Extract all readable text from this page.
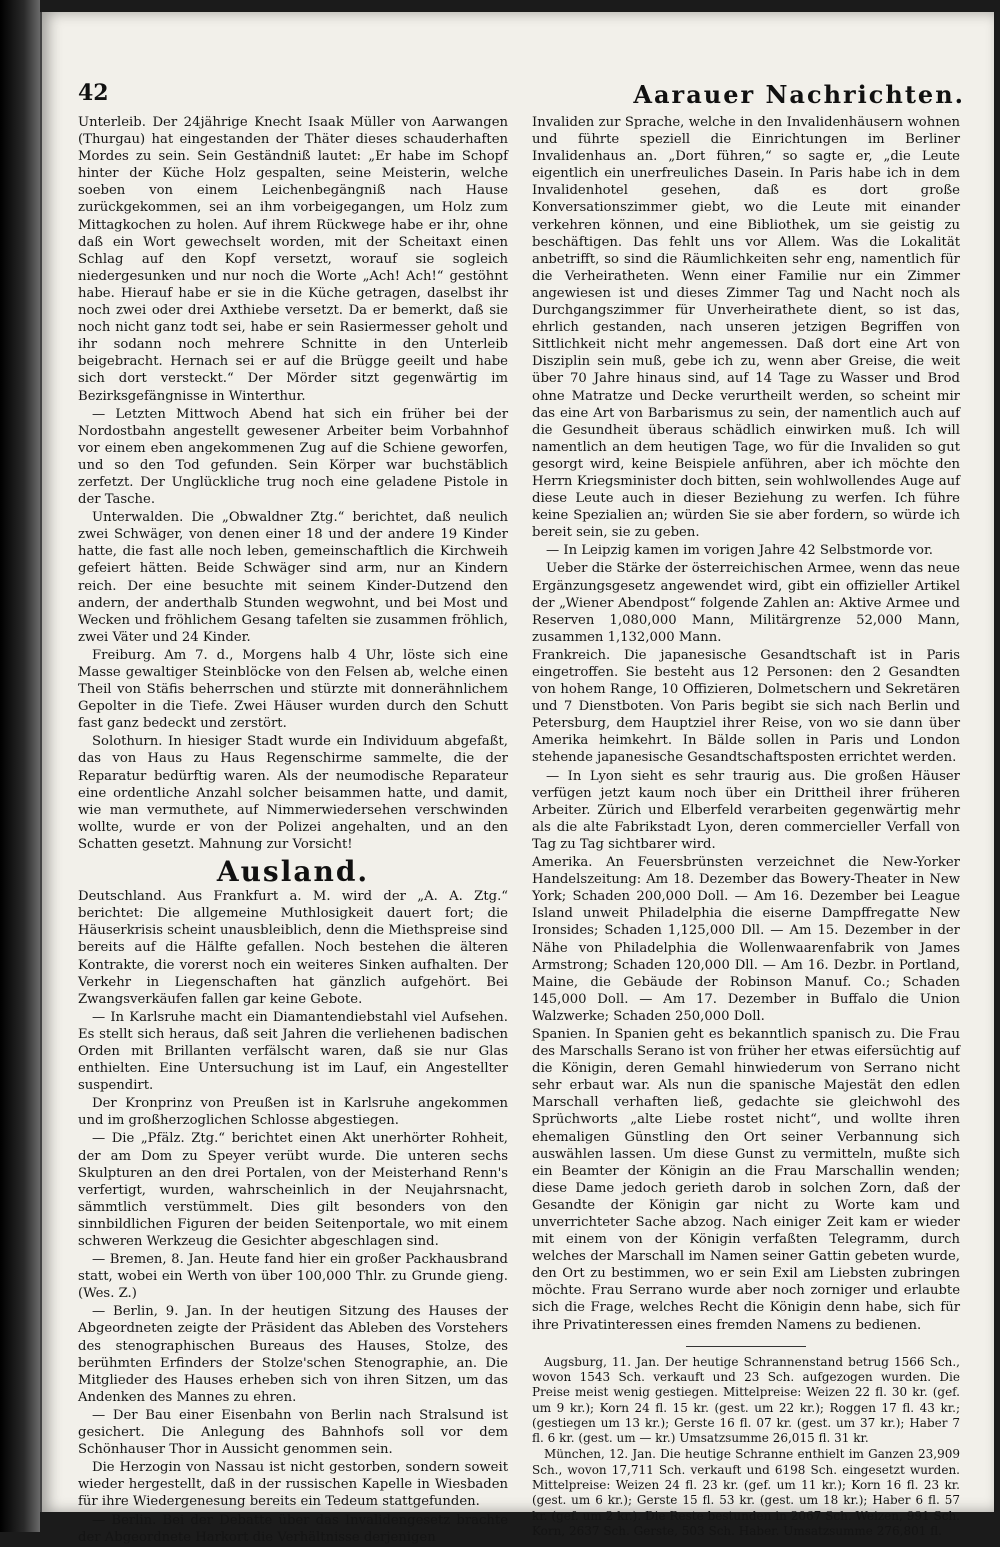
42	Aarauer Nachrichten.

Unterleib. Der 24jährige Knecht Isaak Müller von Aarwangen (Thurgau) hat eingestanden der Thäter dieses schauderhaften Mordes zu sein. Sein Geständniß lautet: „Er habe im Schopf hinter der Küche Holz gespalten, seine Meisterin, welche soeben von einem Leichenbegängniß nach Hause zurückgekommen, sei an ihm vorbeigegangen, um Holz zum Mittagkochen zu holen. Auf ihrem Rückwege habe er ihr, ohne daß ein Wort gewechselt worden, mit der Scheitaxt einen Schlag auf den Kopf versetzt, worauf sie sogleich niedergesunken und nur noch die Worte „Ach! Ach!“ gestöhnt habe. Hierauf habe er sie in die Küche getragen, daselbst ihr noch zwei oder drei Axthiebe versetzt. Da er bemerkt, daß sie noch nicht ganz todt sei, habe er sein Rasiermesser geholt und ihr sodann noch mehrere Schnitte in den Unterleib beigebracht. Hernach sei er auf die Brügge geeilt und habe sich dort versteckt.“ Der Mörder sitzt gegenwärtig im Bezirksgefängnisse in Winterthur.

— Letzten Mittwoch Abend hat sich ein früher bei der Nordostbahn angestellt gewesener Arbeiter beim Vorbahnhof vor einem eben angekommenen Zug auf die Schiene geworfen, und so den Tod gefunden. Sein Körper war buchstäblich zerfetzt. Der Unglückliche trug noch eine geladene Pistole in der Tasche.

Unterwalden. Die „Obwaldner Ztg.“ berichtet, daß neulich zwei Schwäger, von denen einer 18 und der andere 19 Kinder hatte, die fast alle noch leben, gemeinschaftlich die Kirchweih gefeiert hätten. Beide Schwäger sind arm, nur an Kindern reich. Der eine besuchte mit seinem Kinder-Dutzend den andern, der anderthalb Stunden wegwohnt, und bei Most und Wecken und fröhlichem Gesang tafelten sie zusammen fröhlich, zwei Väter und 24 Kinder.

Freiburg. Am 7. d., Morgens halb 4 Uhr, löste sich eine Masse gewaltiger Steinblöcke von den Felsen ab, welche einen Theil von Stäfis beherrschen und stürzte mit donnerähnlichem Gepolter in die Tiefe. Zwei Häuser wurden durch den Schutt fast ganz bedeckt und zerstört.

Solothurn. In hiesiger Stadt wurde ein Individuum abgefaßt, das von Haus zu Haus Regenschirme sammelte, die der Reparatur bedürftig waren. Als der neumodische Reparateur eine ordentliche Anzahl solcher beisammen hatte, und damit, wie man vermuthete, auf Nimmerwiedersehen verschwinden wollte, wurde er von der Polizei angehalten, und an den Schatten gesetzt. Mahnung zur Vorsicht!

Ausland.

Deutschland. Aus Frankfurt a. M. wird der „A. A. Ztg.“ berichtet: Die allgemeine Muthlosigkeit dauert fort; die Häuserkrisis scheint unausbleiblich, denn die Miethspreise sind bereits auf die Hälfte gefallen. Noch bestehen die älteren Kontrakte, die vorerst noch ein weiteres Sinken aufhalten. Der Verkehr in Liegenschaften hat gänzlich aufgehört. Bei Zwangsverkäufen fallen gar keine Gebote.

— In Karlsruhe macht ein Diamantendiebstahl viel Aufsehen. Es stellt sich heraus, daß seit Jahren die verliehenen badischen Orden mit Brillanten verfälscht waren, daß sie nur Glas enthielten. Eine Untersuchung ist im Lauf, ein Angestellter suspendirt.

Der Kronprinz von Preußen ist in Karlsruhe angekommen und im großherzoglichen Schlosse abgestiegen.

— Die „Pfälz. Ztg.“ berichtet einen Akt unerhörter Rohheit, der am Dom zu Speyer verübt wurde. Die unteren sechs Skulpturen an den drei Portalen, von der Meisterhand Renn's verfertigt, wurden, wahrscheinlich in der Neujahrsnacht, sämmtlich verstümmelt. Dies gilt besonders von den sinnbildlichen Figuren der beiden Seitenportale, wo mit einem schweren Werkzeug die Gesichter abgeschlagen sind.

— Bremen, 8. Jan. Heute fand hier ein großer Packhausbrand statt, wobei ein Werth von über 100,000 Thlr. zu Grunde gieng. (Wes. Z.)

— Berlin, 9. Jan. In der heutigen Sitzung des Hauses der Abgeordneten zeigte der Präsident das Ableben des Vorstehers des stenographischen Bureaus des Hauses, Stolze, des berühmten Erfinders der Stolze'schen Stenographie, an. Die Mitglieder des Hauses erheben sich von ihren Sitzen, um das Andenken des Mannes zu ehren.

— Der Bau einer Eisenbahn von Berlin nach Stralsund ist gesichert. Die Anlegung des Bahnhofs soll vor dem Schönhauser Thor in Aussicht genommen sein.

Die Herzogin von Nassau ist nicht gestorben, sondern soweit wieder hergestellt, daß in der russischen Kapelle in Wiesbaden für ihre Wiedergenesung bereits ein Tedeum stattgefunden.

— Berlin. Bei der Debatte über das Invalidengesetz brachte der Abgeordnete Harkort die Verhältnisse derjenigen

Invaliden zur Sprache, welche in den Invalidenhäusern wohnen und führte speziell die Einrichtungen im Berliner Invalidenhaus an. „Dort führen,“ so sagte er, „die Leute eigentlich ein unerfreuliches Dasein. In Paris habe ich in dem Invalidenhotel gesehen, daß es dort große Konversationszimmer giebt, wo die Leute mit einander verkehren können, und eine Bibliothek, um sie geistig zu beschäftigen. Das fehlt uns vor Allem. Was die Lokalität anbetrifft, so sind die Räumlichkeiten sehr eng, namentlich für die Verheiratheten. Wenn einer Familie nur ein Zimmer angewiesen ist und dieses Zimmer Tag und Nacht noch als Durchgangszimmer für Unverheirathete dient, so ist das, ehrlich gestanden, nach unseren jetzigen Begriffen von Sittlichkeit nicht mehr angemessen. Daß dort eine Art von Disziplin sein muß, gebe ich zu, wenn aber Greise, die weit über 70 Jahre hinaus sind, auf 14 Tage zu Wasser und Brod ohne Matratze und Decke verurtheilt werden, so scheint mir das eine Art von Barbarismus zu sein, der namentlich auch auf die Gesundheit überaus schädlich einwirken muß. Ich will namentlich an dem heutigen Tage, wo für die Invaliden so gut gesorgt wird, keine Beispiele anführen, aber ich möchte den Herrn Kriegsminister doch bitten, sein wohlwollendes Auge auf diese Leute auch in dieser Beziehung zu werfen. Ich führe keine Spezialien an; würden Sie sie aber fordern, so würde ich bereit sein, sie zu geben.

— In Leipzig kamen im vorigen Jahre 42 Selbstmorde vor.

Ueber die Stärke der österreichischen Armee, wenn das neue Ergänzungsgesetz angewendet wird, gibt ein offizieller Artikel der „Wiener Abendpost“ folgende Zahlen an: Aktive Armee und Reserven 1,080,000 Mann, Militärgrenze 52,000 Mann, zusammen 1,132,000 Mann.

Frankreich. Die japanesische Gesandtschaft ist in Paris eingetroffen. Sie besteht aus 12 Personen: den 2 Gesandten von hohem Range, 10 Offizieren, Dolmetschern und Sekretären und 7 Dienstboten. Von Paris begibt sie sich nach Berlin und Petersburg, dem Hauptziel ihrer Reise, von wo sie dann über Amerika heimkehrt. In Bälde sollen in Paris und London stehende japanesische Gesandtschaftsposten errichtet werden.

— In Lyon sieht es sehr traurig aus. Die großen Häuser verfügen jetzt kaum noch über ein Drittheil ihrer früheren Arbeiter. Zürich und Elberfeld verarbeiten gegenwärtig mehr als die alte Fabrikstadt Lyon, deren commercieller Verfall von Tag zu Tag sichtbarer wird.

Amerika. An Feuersbrünsten verzeichnet die New-Yorker Handelszeitung: Am 18. Dezember das Bowery-Theater in New York; Schaden 200,000 Doll. — Am 16. Dezember bei League Island unweit Philadelphia die eiserne Dampffregatte New Ironsides; Schaden 1,125,000 Dll. — Am 15. Dezember in der Nähe von Philadelphia die Wollenwaarenfabrik von James Armstrong; Schaden 120,000 Dll. — Am 16. Dezbr. in Portland, Maine, die Gebäude der Robinson Manuf. Co.; Schaden 145,000 Doll. — Am 17. Dezember in Buffalo die Union Walzwerke; Schaden 250,000 Doll.

Spanien. In Spanien geht es bekanntlich spanisch zu. Die Frau des Marschalls Serano ist von früher her etwas eifersüchtig auf die Königin, deren Gemahl hinwiederum von Serrano nicht sehr erbaut war. Als nun die spanische Majestät den edlen Marschall verhaften ließ, gedachte sie gleichwohl des Sprüchworts „alte Liebe rostet nicht“, und wollte ihren ehemaligen Günstling den Ort seiner Verbannung sich auswählen lassen. Um diese Gunst zu vermitteln, mußte sich ein Beamter der Königin an die Frau Marschallin wenden; diese Dame jedoch gerieth darob in solchen Zorn, daß der Gesandte der Königin gar nicht zu Worte kam und unverrichteter Sache abzog. Nach einiger Zeit kam er wieder mit einem von der Königin verfaßten Telegramm, durch welches der Marschall im Namen seiner Gattin gebeten wurde, den Ort zu bestimmen, wo er sein Exil am Liebsten zubringen möchte. Frau Serrano wurde aber noch zorniger und erlaubte sich die Frage, welches Recht die Königin denn habe, sich für ihre Privatinteressen eines fremden Namens zu bedienen.

Augsburg, 11. Jan. Der heutige Schrannenstand betrug 1566 Sch., wovon 1543 Sch. verkauft und 23 Sch. aufgezogen wurden. Die Preise meist wenig gestiegen. Mittelpreise: Weizen 22 fl. 30 kr. (gef. um 9 kr.); Korn 24 fl. 15 kr. (gest. um 22 kr.); Roggen 17 fl. 43 kr.; (gestiegen um 13 kr.); Gerste 16 fl. 07 kr. (gest. um 37 kr.); Haber 7 fl. 6 kr. (gest. um — kr.) Umsatzsumme 26,015 fl. 31 kr.

München, 12. Jan. Die heutige Schranne enthielt im Ganzen 23,909 Sch., wovon 17,711 Sch. verkauft und 6198 Sch. eingesetzt wurden. Mittelpreise: Weizen 24 fl. 23 kr. (gef. um 11 kr.); Korn 16 fl. 23 kr. (gest. um 6 kr.); Gerste 15 fl. 53 kr. (gest. um 18 kr.); Haber 6 fl. 57 kr. (gef. um 2 kr.). Die Reste bestunden in 2067 Sch. Weizen, 991 Sch. Korn, 2637 Sch. Gerste, 503 Sch. Haber. Umsatzsumme 276,801 fl.
